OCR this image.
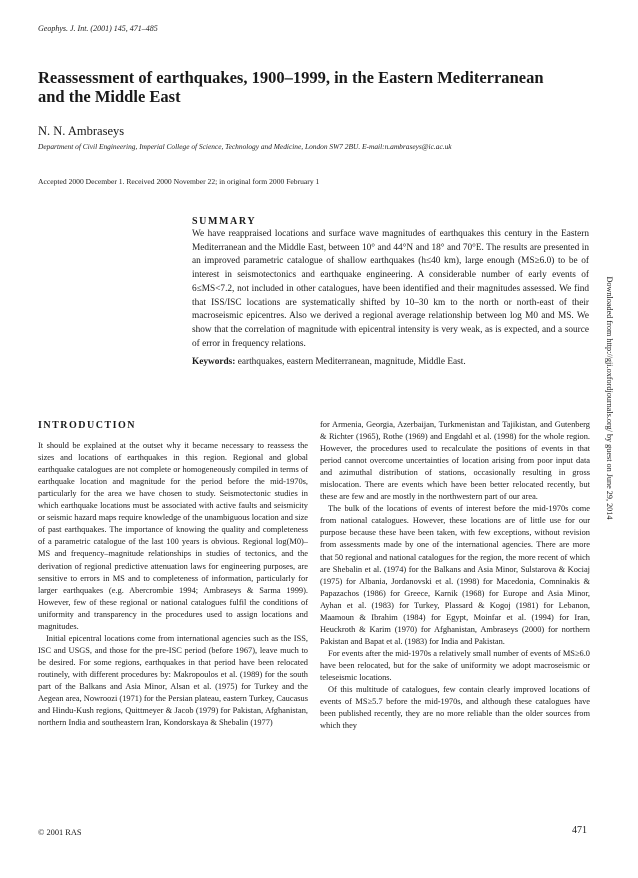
Geophys. J. Int. (2001) 145, 471–485
Reassessment of earthquakes, 1900–1999, in the Eastern Mediterranean and the Middle East
N. N. Ambraseys
Department of Civil Engineering, Imperial College of Science, Technology and Medicine, London SW7 2BU. E-mail:n.ambraseys@ic.ac.uk
Accepted 2000 December 1. Received 2000 November 22; in original form 2000 February 1
SUMMARY
We have reappraised locations and surface wave magnitudes of earthquakes this century in the Eastern Mediterranean and the Middle East, between 10° and 44°N and 18° and 70°E. The results are presented in an improved parametric catalogue of shallow earthquakes (h≤40 km), large enough (MS≥6.0) to be of interest in seismotectonics and earthquake engineering. A considerable number of early events of 6≤MS<7.2, not included in other catalogues, have been identified and their magnitudes assessed. We find that ISS/ISC locations are systematically shifted by 10–30 km to the north or north-east of their macroseismic epicentres. Also we derived a regional average relationship between log M0 and MS. We show that the correlation of magnitude with epicentral intensity is very weak, as is expected, and a source of error in frequency relations.
Keywords: earthquakes, eastern Mediterranean, magnitude, Middle East.
INTRODUCTION

It should be explained at the outset why it became necessary to reassess the sizes and locations of earthquakes in this region. Regional and global earthquake catalogues are not complete or homogeneously compiled in terms of earthquake location and magnitude for the period before the mid-1970s, particularly for the area we have chosen to study. Seismotectonic studies in which earthquake locations must be associated with active faults and seismicity or seismic hazard maps require knowledge of the unambiguous location and size of past earthquakes. The importance of knowing the quality and completeness of a parametric catalogue of the last 100 years is obvious. Regional log(M0)–MS and frequency–magnitude relationships in studies of tectonics, and the derivation of regional predictive attenuation laws for engineering purposes, are sensitive to errors in MS and to completeness of information, particularly for larger earthquakes (e.g. Abercrombie 1994; Ambraseys & Sarma 1999). However, few of these regional or national catalogues fulfil the conditions of uniformity and transparency in the procedures used to assign locations and magnitudes.

Initial epicentral locations come from international agencies such as the ISS, ISC and USGS, and those for the pre-ISC period (before 1967), leave much to be desired. For some regions, earthquakes in that period have been relocated routinely, with different procedures by: Makropoulos et al. (1989) for the south part of the Balkans and Asia Minor, Alsan et al. (1975) for Turkey and the Aegean area, Nowroozi (1971) for the Persian plateau, eastern Turkey, Caucasus and Hindu-Kush regions, Quittmeyer & Jacob (1979) for Pakistan, Afghanistan, northern India and southeastern Iran, Kondorskaya & Shebalin (1977)

for Armenia, Georgia, Azerbaijan, Turkmenistan and Tajikistan, and Gutenberg & Richter (1965), Rothe (1969) and Engdahl et al. (1998) for the whole region. However, the procedures used to recalculate the positions of events in that period cannot overcome uncertainties of location arising from poor input data and azimuthal distribution of stations, occasionally resulting in gross mislocation. There are events which have been better relocated recently, but these are few and are mostly in the northwestern part of our area.

The bulk of the locations of events of interest before the mid-1970s come from national catalogues. However, these locations are of little use for our purpose because these have been taken, with few exceptions, without revision from assessments made by one of the international agencies. There are more that 50 regional and national catalogues for the region, the more recent of which are Shebalin et al. (1974) for the Balkans and Asia Minor, Sulstarova & Kociaj (1975) for Albania, Jordanovski et al. (1998) for Macedonia, Comninakis & Papazachos (1986) for Greece, Karnik (1968) for Europe and Asia Minor, Ayhan et al. (1983) for Turkey, Plassard & Kogoj (1981) for Lebanon, Maamoun & Ibrahim (1984) for Egypt, Moinfar et al. (1994) for Iran, Heuckroth & Karim (1970) for Afghanistan, Ambraseys (2000) for northern Pakistan and Bapat et al. (1983) for India and Pakistan.

For events after the mid-1970s a relatively small number of events of MS≥6.0 have been relocated, but for the sake of uniformity we adopt macroseismic or teleseismic locations.

Of this multitude of catalogues, few contain clearly improved locations of events of MS≥5.7 before the mid-1970s, and although these catalogues have been published recently, they are no more reliable than the older sources from which they

© 2001 RAS	471
Downloaded from http://gji.oxfordjournals.org/ by guest on June 29, 2014
